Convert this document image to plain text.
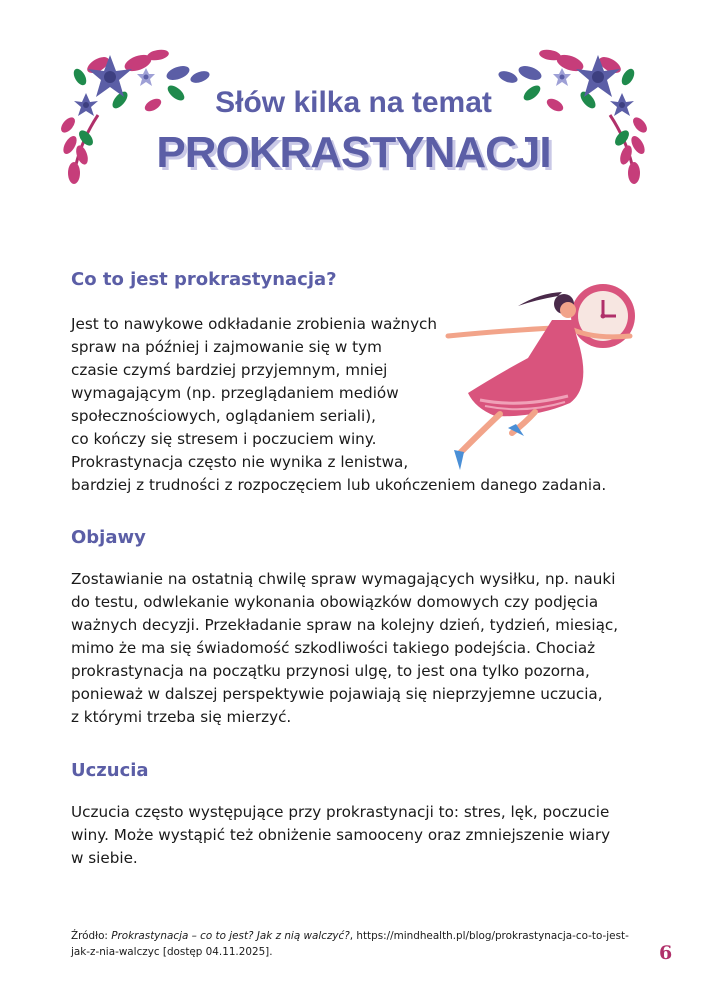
Słów kilka na temat
PROKRASTYNACJI
Co to jest prokrastynacja?
Jest to nawykowe odkładanie zrobienia ważnych
spraw na później i zajmowanie się w tym
czasie czymś bardziej przyjemnym, mniej
wymagającym (np. przeglądaniem mediów
społecznościowych, oglądaniem seriali),
co kończy się stresem i poczuciem winy.
Prokrastynacja często nie wynika z lenistwa,
bardziej z trudności z rozpoczęciem lub ukończeniem danego zadania.
Objawy
Zostawianie na ostatnią chwilę spraw wymagających wysiłku, np. nauki
do testu, odwlekanie wykonania obowiązków domowych czy podjęcia
ważnych decyzji. Przekładanie spraw na kolejny dzień, tydzień, miesiąc,
mimo że ma się świadomość szkodliwości takiego podejścia. Chociaż
prokrastynacja na początku przynosi ulgę, to jest ona tylko pozorna,
ponieważ w dalszej perspektywie pojawiają się nieprzyjemne uczucia,
z którymi trzeba się mierzyć.
Uczucia
Uczucia często występujące przy prokrastynacji to: stres, lęk, poczucie
winy. Może wystąpić też obniżenie samooceny oraz zmniejszenie wiary
w siebie.
Źródło: Prokrastynacja – co to jest? Jak z nią walczyć?, https://mindhealth.pl/blog/prokrastynacja-co-to-jest-jak-z-nia-walczyc [dostęp 04.11.2025].	6
